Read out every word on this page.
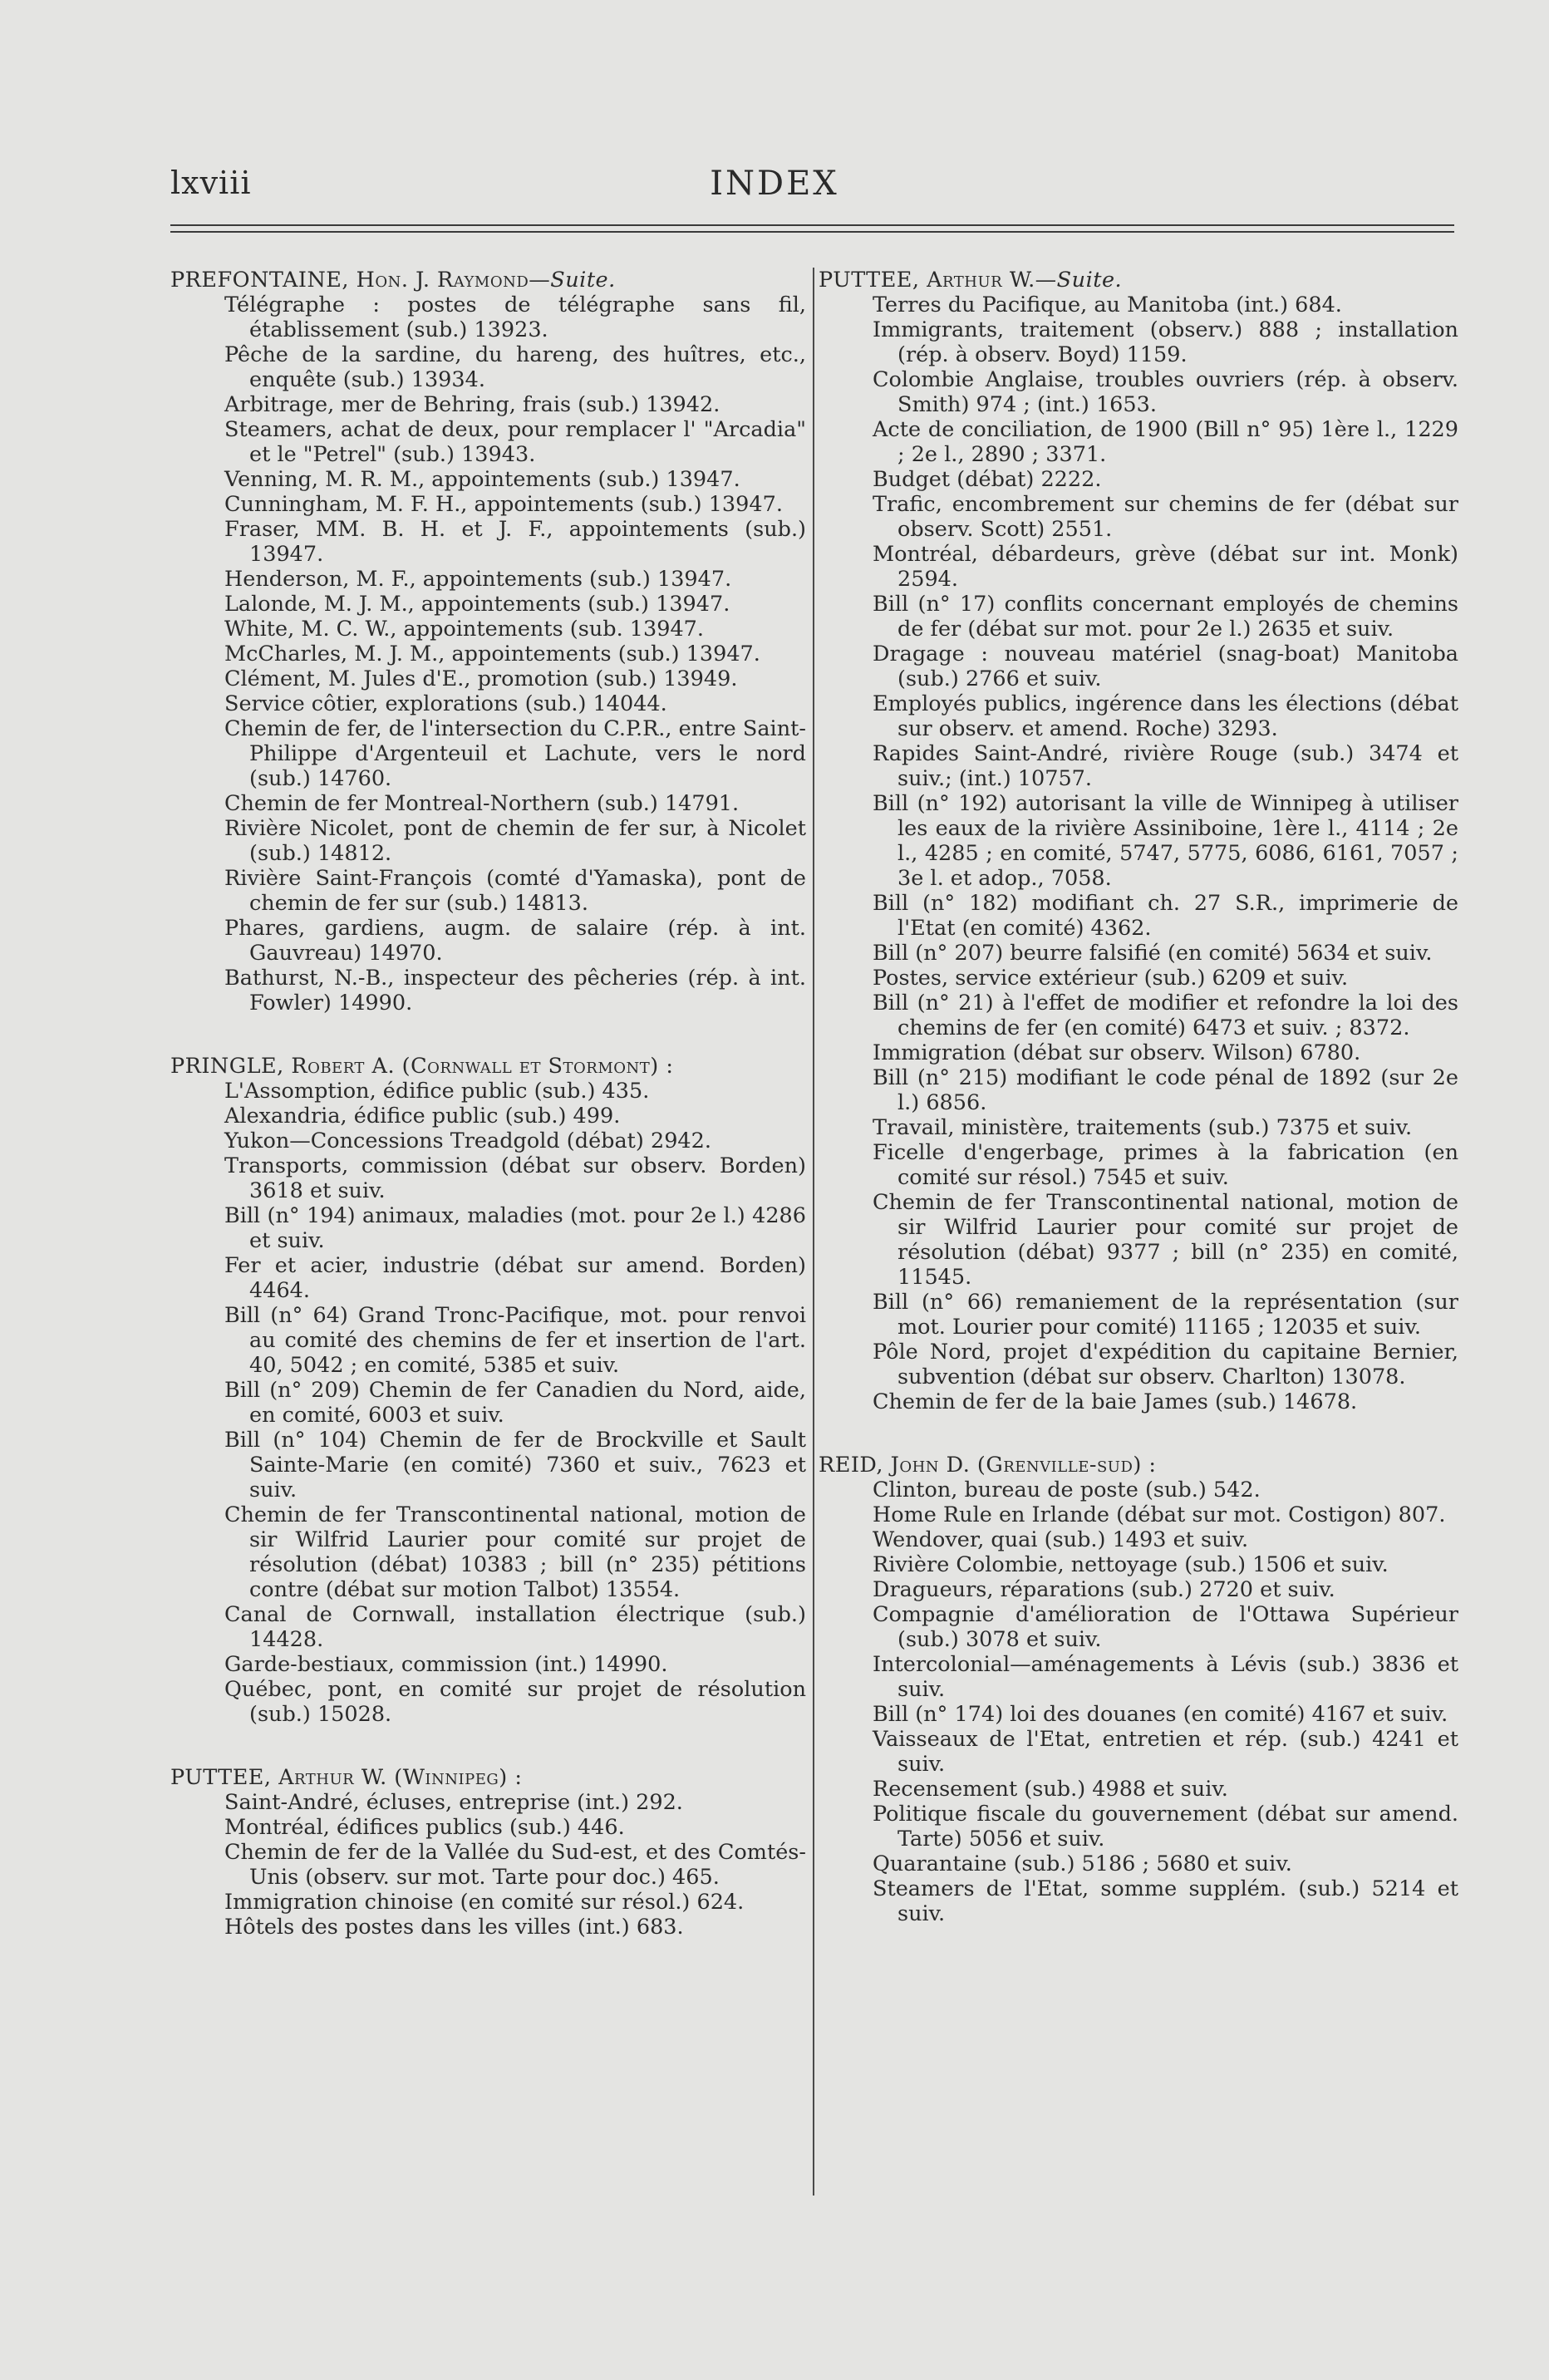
lxviii	INDEX
PREFONTAINE, Hon. J. Raymond—Suite.

Télégraphe : postes de télégraphe sans fil, établissement (sub.) 13923.

Pêche de la sardine, du hareng, des huîtres, etc., enquête (sub.) 13934.

Arbitrage, mer de Behring, frais (sub.) 13942.

Steamers, achat de deux, pour remplacer l' "Arcadia" et le "Petrel" (sub.) 13943.

Venning, M. R. M., appointements (sub.) 13947.

Cunningham, M. F. H., appointements (sub.) 13947.

Fraser, MM. B. H. et J. F., appointements (sub.) 13947.

Henderson, M. F., appointements (sub.) 13947.

Lalonde, M. J. M., appointements (sub.) 13947.

White, M. C. W., appointements (sub. 13947.

McCharles, M. J. M., appointements (sub.) 13947.

Clément, M. Jules d'E., promotion (sub.) 13949.

Service côtier, explorations (sub.) 14044.

Chemin de fer, de l'intersection du C.P.R., entre Saint-Philippe d'Argenteuil et Lachute, vers le nord (sub.) 14760.

Chemin de fer Montreal-Northern (sub.) 14791.

Rivière Nicolet, pont de chemin de fer sur, à Nicolet (sub.) 14812.

Rivière Saint-François (comté d'Yamaska), pont de chemin de fer sur (sub.) 14813.

Phares, gardiens, augm. de salaire (rép. à int. Gauvreau) 14970.

Bathurst, N.-B., inspecteur des pêcheries (rép. à int. Fowler) 14990.

PRINGLE, Robert A. (Cornwall et Stormont) :

L'Assomption, édifice public (sub.) 435.

Alexandria, édifice public (sub.) 499.

Yukon—Concessions Treadgold (débat) 2942.

Transports, commission (débat sur observ. Borden) 3618 et suiv.

Bill (n° 194) animaux, maladies (mot. pour 2e l.) 4286 et suiv.

Fer et acier, industrie (débat sur amend. Borden) 4464.

Bill (n° 64) Grand Tronc-Pacifique, mot. pour renvoi au comité des chemins de fer et insertion de l'art. 40, 5042 ; en comité, 5385 et suiv.

Bill (n° 209) Chemin de fer Canadien du Nord, aide, en comité, 6003 et suiv.

Bill (n° 104) Chemin de fer de Brockville et Sault Sainte-Marie (en comité) 7360 et suiv., 7623 et suiv.

Chemin de fer Transcontinental national, motion de sir Wilfrid Laurier pour comité sur projet de résolution (débat) 10383 ; bill (n° 235) pétitions contre (débat sur motion Talbot) 13554.

Canal de Cornwall, installation électrique (sub.) 14428.

Garde-bestiaux, commission (int.) 14990.

Québec, pont, en comité sur projet de résolution (sub.) 15028.

PUTTEE, Arthur W. (Winnipeg) :

Saint-André, écluses, entreprise (int.) 292.

Montréal, édifices publics (sub.) 446.

Chemin de fer de la Vallée du Sud-est, et des Comtés-Unis (observ. sur mot. Tarte pour doc.) 465.

Immigration chinoise (en comité sur résol.) 624.

Hôtels des postes dans les villes (int.) 683.

PUTTEE, Arthur W.—Suite.

Terres du Pacifique, au Manitoba (int.) 684.

Immigrants, traitement (observ.) 888 ; installation (rép. à observ. Boyd) 1159.

Colombie Anglaise, troubles ouvriers (rép. à observ. Smith) 974 ; (int.) 1653.

Acte de conciliation, de 1900 (Bill n° 95) 1ère l., 1229 ; 2e l., 2890 ; 3371.

Budget (débat) 2222.

Trafic, encombrement sur chemins de fer (débat sur observ. Scott) 2551.

Montréal, débardeurs, grève (débat sur int. Monk) 2594.

Bill (n° 17) conflits concernant employés de chemins de fer (débat sur mot. pour 2e l.) 2635 et suiv.

Dragage : nouveau matériel (snag-boat) Manitoba (sub.) 2766 et suiv.

Employés publics, ingérence dans les élections (débat sur observ. et amend. Roche) 3293.

Rapides Saint-André, rivière Rouge (sub.) 3474 et suiv.; (int.) 10757.

Bill (n° 192) autorisant la ville de Winnipeg à utiliser les eaux de la rivière Assiniboine, 1ère l., 4114 ; 2e l., 4285 ; en comité, 5747, 5775, 6086, 6161, 7057 ; 3e l. et adop., 7058.

Bill (n° 182) modifiant ch. 27 S.R., imprimerie de l'Etat (en comité) 4362.

Bill (n° 207) beurre falsifié (en comité) 5634 et suiv.

Postes, service extérieur (sub.) 6209 et suiv.

Bill (n° 21) à l'effet de modifier et refondre la loi des chemins de fer (en comité) 6473 et suiv. ; 8372.

Immigration (débat sur observ. Wilson) 6780.

Bill (n° 215) modifiant le code pénal de 1892 (sur 2e l.) 6856.

Travail, ministère, traitements (sub.) 7375 et suiv.

Ficelle d'engerbage, primes à la fabrication (en comité sur résol.) 7545 et suiv.

Chemin de fer Transcontinental national, motion de sir Wilfrid Laurier pour comité sur projet de résolution (débat) 9377 ; bill (n° 235) en comité, 11545.

Bill (n° 66) remaniement de la représentation (sur mot. Lourier pour comité) 11165 ; 12035 et suiv.

Pôle Nord, projet d'expédition du capitaine Bernier, subvention (débat sur observ. Charlton) 13078.

Chemin de fer de la baie James (sub.) 14678.

REID, John D. (Grenville-sud) :

Clinton, bureau de poste (sub.) 542.

Home Rule en Irlande (débat sur mot. Costigon) 807.

Wendover, quai (sub.) 1493 et suiv.

Rivière Colombie, nettoyage (sub.) 1506 et suiv.

Dragueurs, réparations (sub.) 2720 et suiv.

Compagnie d'amélioration de l'Ottawa Supérieur (sub.) 3078 et suiv.

Intercolonial—aménagements à Lévis (sub.) 3836 et suiv.

Bill (n° 174) loi des douanes (en comité) 4167 et suiv.

Vaisseaux de l'Etat, entretien et rép. (sub.) 4241 et suiv.

Recensement (sub.) 4988 et suiv.

Politique fiscale du gouvernement (débat sur amend. Tarte) 5056 et suiv.

Quarantaine (sub.) 5186 ; 5680 et suiv.

Steamers de l'Etat, somme supplém. (sub.) 5214 et suiv.
